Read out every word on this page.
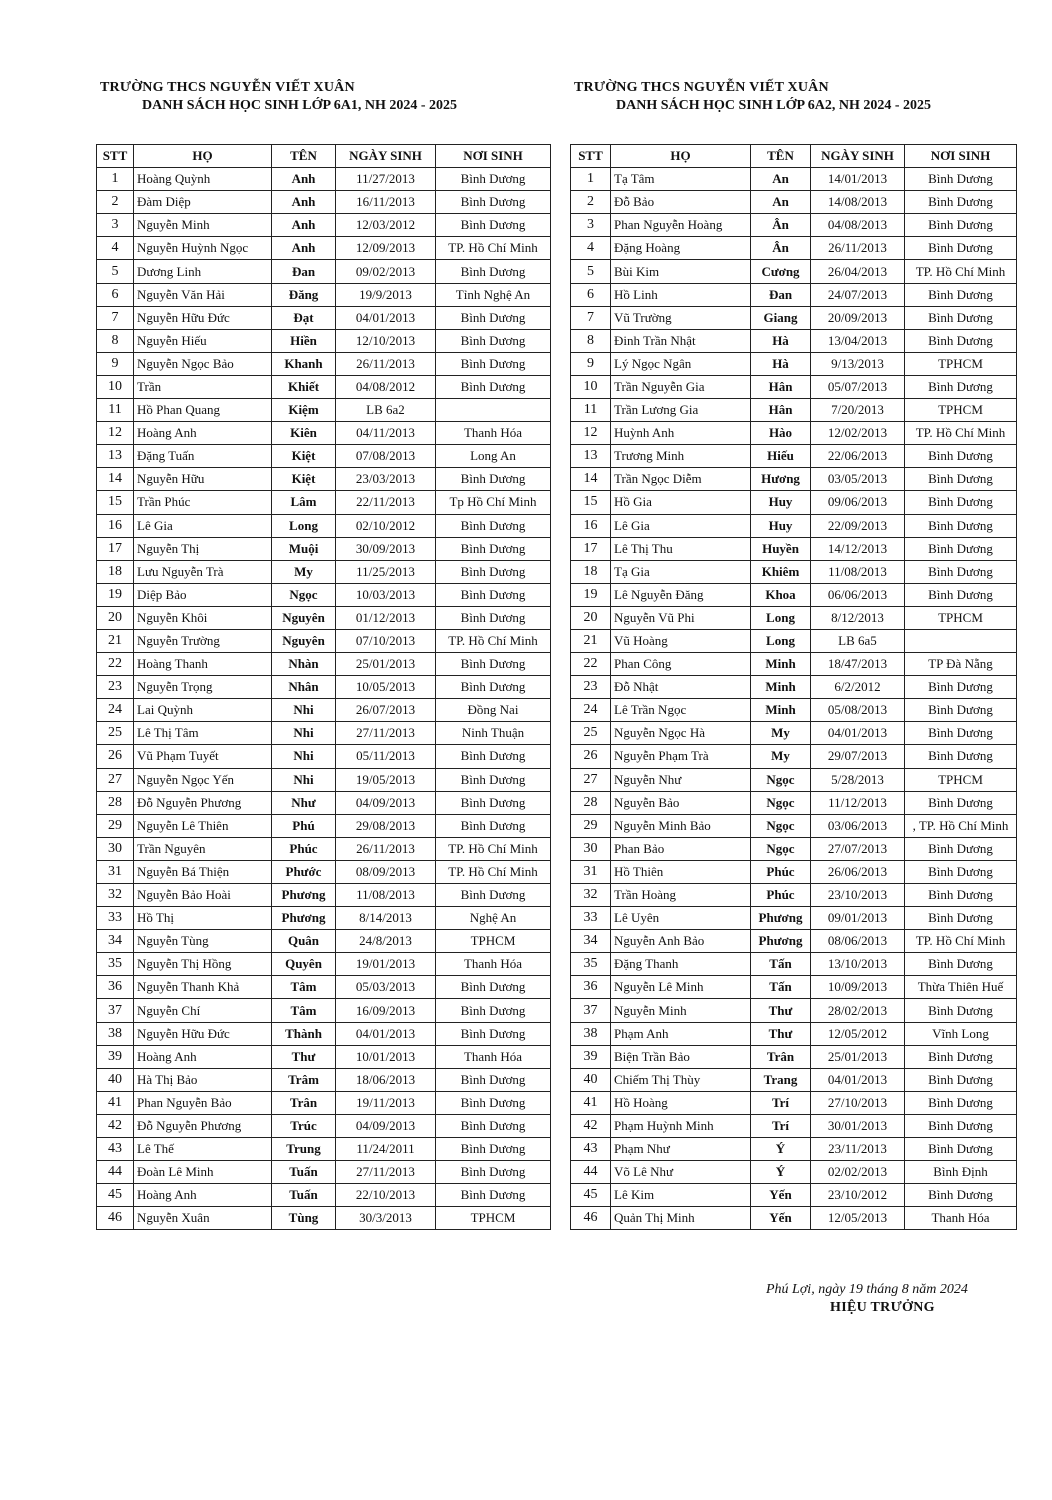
TRƯỜNG THCS NGUYỄN VIẾT XUÂN
DANH SÁCH HỌC SINH LỚP 6A1, NH 2024 - 2025
STT	HỌ	TÊN	NGÀY SINH	NƠI SINH
1	Hoàng Quỳnh	Anh	11/27/2013	Bình Dương
2	Đàm Diệp	Anh	16/11/2013	Bình Dương
3	Nguyễn Minh	Anh	12/03/2012	Bình Dương
4	Nguyễn Huỳnh Ngọc	Anh	12/09/2013	TP. Hồ Chí Minh
5	Dương Linh	Đan	09/02/2013	Bình Dương
6	Nguyễn Văn Hải	Đăng	19/9/2013	Tỉnh Nghệ An
7	Nguyễn Hữu Đức	Đạt	04/01/2013	Bình Dương
8	Nguyễn Hiếu	Hiền	12/10/2013	Bình Dương
9	Nguyễn Ngọc Bảo	Khanh	26/11/2013	Bình Dương
10	Trần	Khiết	04/08/2012	Bình Dương
11	Hồ Phan Quang	Kiệm	LB 6a2	
12	Hoàng Anh	Kiên	04/11/2013	Thanh Hóa
13	Đặng Tuấn	Kiệt	07/08/2013	Long An
14	Nguyễn Hữu	Kiệt	23/03/2013	Bình Dương
15	Trần Phúc	Lâm	22/11/2013	Tp Hồ Chí Minh
16	Lê Gia	Long	02/10/2012	Bình Dương
17	Nguyễn Thị	Muội	30/09/2013	Bình Dương
18	Lưu Nguyễn Trà	My	11/25/2013	Bình Dương
19	Diệp Bảo	Ngọc	10/03/2013	Bình Dương
20	Nguyễn Khôi	Nguyên	01/12/2013	Bình Dương
21	Nguyễn Trường	Nguyên	07/10/2013	TP. Hồ Chí Minh
22	Hoàng Thanh	Nhàn	25/01/2013	Bình Dương
23	Nguyễn Trọng	Nhân	10/05/2013	Bình Dương
24	Lai Quỳnh	Nhi	26/07/2013	Đồng Nai
25	Lê Thị Tâm	Nhi	27/11/2013	Ninh Thuận
26	Vũ Phạm Tuyết	Nhi	05/11/2013	Bình Dương
27	Nguyễn Ngọc Yến	Nhi	19/05/2013	Bình Dương
28	Đỗ Nguyễn Phương	Như	04/09/2013	Bình Dương
29	Nguyễn Lê Thiên	Phú	29/08/2013	Bình Dương
30	Trần Nguyên	Phúc	26/11/2013	TP. Hồ Chí Minh
31	Nguyễn Bá Thiện	Phước	08/09/2013	TP. Hồ Chí Minh
32	Nguyễn Bảo Hoài	Phương	11/08/2013	Bình Dương
33	Hồ Thị	Phương	8/14/2013	Nghệ An
34	Nguyễn Tùng	Quân	24/8/2013	TPHCM
35	Nguyễn Thị Hồng	Quyên	19/01/2013	Thanh Hóa
36	Nguyễn Thanh Khả	Tâm	05/03/2013	Bình Dương
37	Nguyễn Chí	Tâm	16/09/2013	Bình Dương
38	Nguyễn Hữu Đức	Thành	04/01/2013	Bình Dương
39	Hoàng Anh	Thư	10/01/2013	Thanh Hóa
40	Hà Thị Bảo	Trâm	18/06/2013	Bình Dương
41	Phan Nguyễn Bảo	Trân	19/11/2013	Bình Dương
42	Đỗ Nguyễn Phương	Trúc	04/09/2013	Bình Dương
43	Lê Thế	Trung	11/24/2011	Bình Dương
44	Đoàn Lê Minh	Tuấn	27/11/2013	Bình Dương
45	Hoàng Anh	Tuấn	22/10/2013	Bình Dương
46	Nguyễn Xuân	Tùng	30/3/2013	TPHCM
TRƯỜNG THCS NGUYỄN VIẾT XUÂN
DANH SÁCH HỌC SINH LỚP 6A2, NH 2024 - 2025
STT	HỌ	TÊN	NGÀY SINH	NƠI SINH
1	Tạ Tâm	An	14/01/2013	Bình Dương
2	Đỗ Bảo	An	14/08/2013	Bình Dương
3	Phan Nguyễn Hoàng	Ân	04/08/2013	Bình Dương
4	Đặng Hoàng	Ân	26/11/2013	Bình Dương
5	Bùi Kim	Cương	26/04/2013	TP. Hồ Chí Minh
6	Hồ Linh	Đan	24/07/2013	Bình Dương
7	Vũ Trường	Giang	20/09/2013	Bình Dương
8	Đinh Trần Nhật	Hà	13/04/2013	Bình Dương
9	Lý Ngọc Ngân	Hà	9/13/2013	TPHCM
10	Trần Nguyễn Gia	Hân	05/07/2013	Bình Dương
11	Trần Lương Gia	Hân	7/20/2013	TPHCM
12	Huỳnh Anh	Hào	12/02/2013	TP. Hồ Chí Minh
13	Trương Minh	Hiếu	22/06/2013	Bình Dương
14	Trần Ngọc Diễm	Hương	03/05/2013	Bình Dương
15	Hồ Gia	Huy	09/06/2013	Bình Dương
16	Lê Gia	Huy	22/09/2013	Bình Dương
17	Lê Thị Thu	Huyền	14/12/2013	Bình Dương
18	Tạ Gia	Khiêm	11/08/2013	Bình Dương
19	Lê Nguyễn Đăng	Khoa	06/06/2013	Bình Dương
20	Nguyễn Vũ Phi	Long	8/12/2013	TPHCM
21	Vũ Hoàng	Long	LB 6a5	
22	Phan Công	Minh	18/47/2013	TP Đà Nẵng
23	Đỗ Nhật	Minh	6/2/2012	Bình Dương
24	Lê Trần Ngọc	Minh	05/08/2013	Bình Dương
25	Nguyễn Ngọc Hà	My	04/01/2013	Bình Dương
26	Nguyễn Phạm Trà	My	29/07/2013	Bình Dương
27	Nguyễn Như	Ngọc	5/28/2013	TPHCM
28	Nguyễn Bảo	Ngọc	11/12/2013	Bình Dương
29	Nguyễn Minh Bảo	Ngọc	03/06/2013	, TP. Hồ Chí Minh
30	Phan Bảo	Ngọc	27/07/2013	Bình Dương
31	Hồ Thiên	Phúc	26/06/2013	Bình Dương
32	Trần Hoàng	Phúc	23/10/2013	Bình Dương
33	Lê Uyên	Phương	09/01/2013	Bình Dương
34	Nguyễn Anh Bảo	Phương	08/06/2013	TP. Hồ Chí Minh
35	Đặng Thanh	Tấn	13/10/2013	Bình Dương
36	Nguyễn Lê Minh	Tấn	10/09/2013	Thừa Thiên Huế
37	Nguyễn Minh	Thư	28/02/2013	Bình Dương
38	Phạm Anh	Thư	12/05/2012	Vĩnh Long
39	Biện Trần Bảo	Trân	25/01/2013	Bình Dương
40	Chiếm Thị Thùy	Trang	04/01/2013	Bình Dương
41	Hồ Hoàng	Trí	27/10/2013	Bình Dương
42	Phạm Huỳnh Minh	Trí	30/01/2013	Bình Dương
43	Phạm Như	Ý	23/11/2013	Bình Dương
44	Võ Lê Như	Ý	02/02/2013	Bình Định
45	Lê Kim	Yến	23/10/2012	Bình Dương
46	Quản Thị Minh	Yến	12/05/2013	Thanh Hóa
Phú Lợi, ngày 19 tháng 8 năm 2024
HIỆU TRƯỞNG
